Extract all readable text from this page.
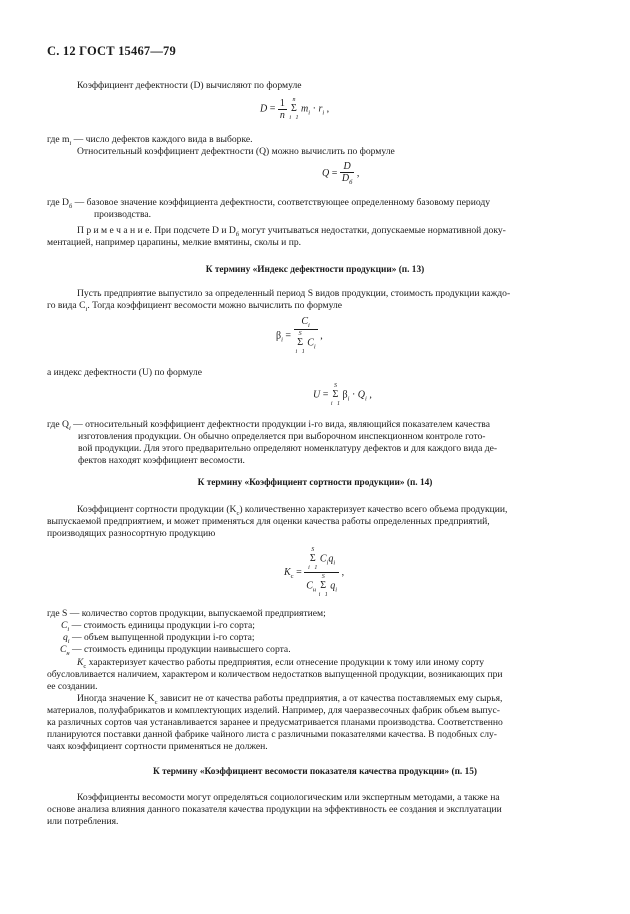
С. 12 ГОСТ 15467—79
Коэффициент дефектности (D) вычисляют по формуле
$D = \frac{1}{n}$ n
Σ
i   1 $m_i \cdot r_i$ ,
где $m_i$ — число дефектов каждого вида в выборке.
Относительный коэффициент дефектности (Q) можно вычислить по формуле
$Q = \frac{D}{D_б}$ ,
где $D_б$ — базовое значение коэффициента дефектности, соответствующее определенному базовому периоду
производства.
П р и м е ч а н и е. При подсчете D и $D_б$ могут учитываться недостатки, допускаемые нормативной доку-
ментацией, например царапины, мелкие вмятины, сколы и пр.
К термину «Индекс дефектности продукции» (п. 13)
Пусть предприятие выпустило за определенный период S видов продукции, стоимость продукции каждо-
го вида $C_i$. Тогда коэффициент весомости можно вычислить по формуле
$\beta_i = C_i$
S
Σ
i   1 $C_i$ ,
а индекс дефектности (U) по формуле
U = S
Σ
i   1 $\beta_i \cdot Q_i$ ,
где $Q_i$ — относительный коэффициент дефектности продукции i-го вида, являющийся показателем качества
изготовления продукции. Он обычно определяется при выборочном инспекционном контроле гото-
вой продукции. Для этого предварительно определяют номенклатуру дефектов и для каждого вида де-
фектов находят коэффициент весомости.
К термину «Коэффициент сортности продукции» (п. 14)
Коэффициент сортности продукции $(K_с)$ количественно характеризует качество всего объема продукции,
выпускаемой предприятием, и может применяться для оценки качества работы определенных предприятий,
производящих разносортную продукцию
$K_с = S$
Σ
i   1 $C_iq_i$
$C_н$ S
Σ
i   1 $q_i$ ,
где S — количество сортов продукции, выпускаемой предприятием;
$C_i$ — стоимость единицы продукции i-го сорта;
$q_i$ — объем выпущенной продукции i-го сорта;
$C_н$ — стоимость единицы продукции наивысшего сорта.
$K_с$ характеризует качество работы предприятия, если отнесение продукции к тому или иному сорту
обусловливается наличием, характером и количеством недостатков выпущенной продукции, возникающих при
ее создании.
Иногда значение $K_с$ зависит не от качества работы предприятия, а от качества поставляемых ему сырья,
материалов, полуфабрикатов и комплектующих изделий. Например, для чаеразвесочных фабрик объем выпус-
ка различных сортов чая устанавливается заранее и предусматривается планами производства. Соответственно
планируются поставки данной фабрике чайного листа с различными показателями качества. В подобных слу-
чаях коэффициент сортности применяться не должен.
К термину «Коэффициент весомости показателя качества продукции» (п. 15)
Коэффициенты весомости могут определяться социологическим или экспертным методами, а также на
основе анализа влияния данного показателя качества продукции на эффективность ее создания и эксплуатации
или потребления.
